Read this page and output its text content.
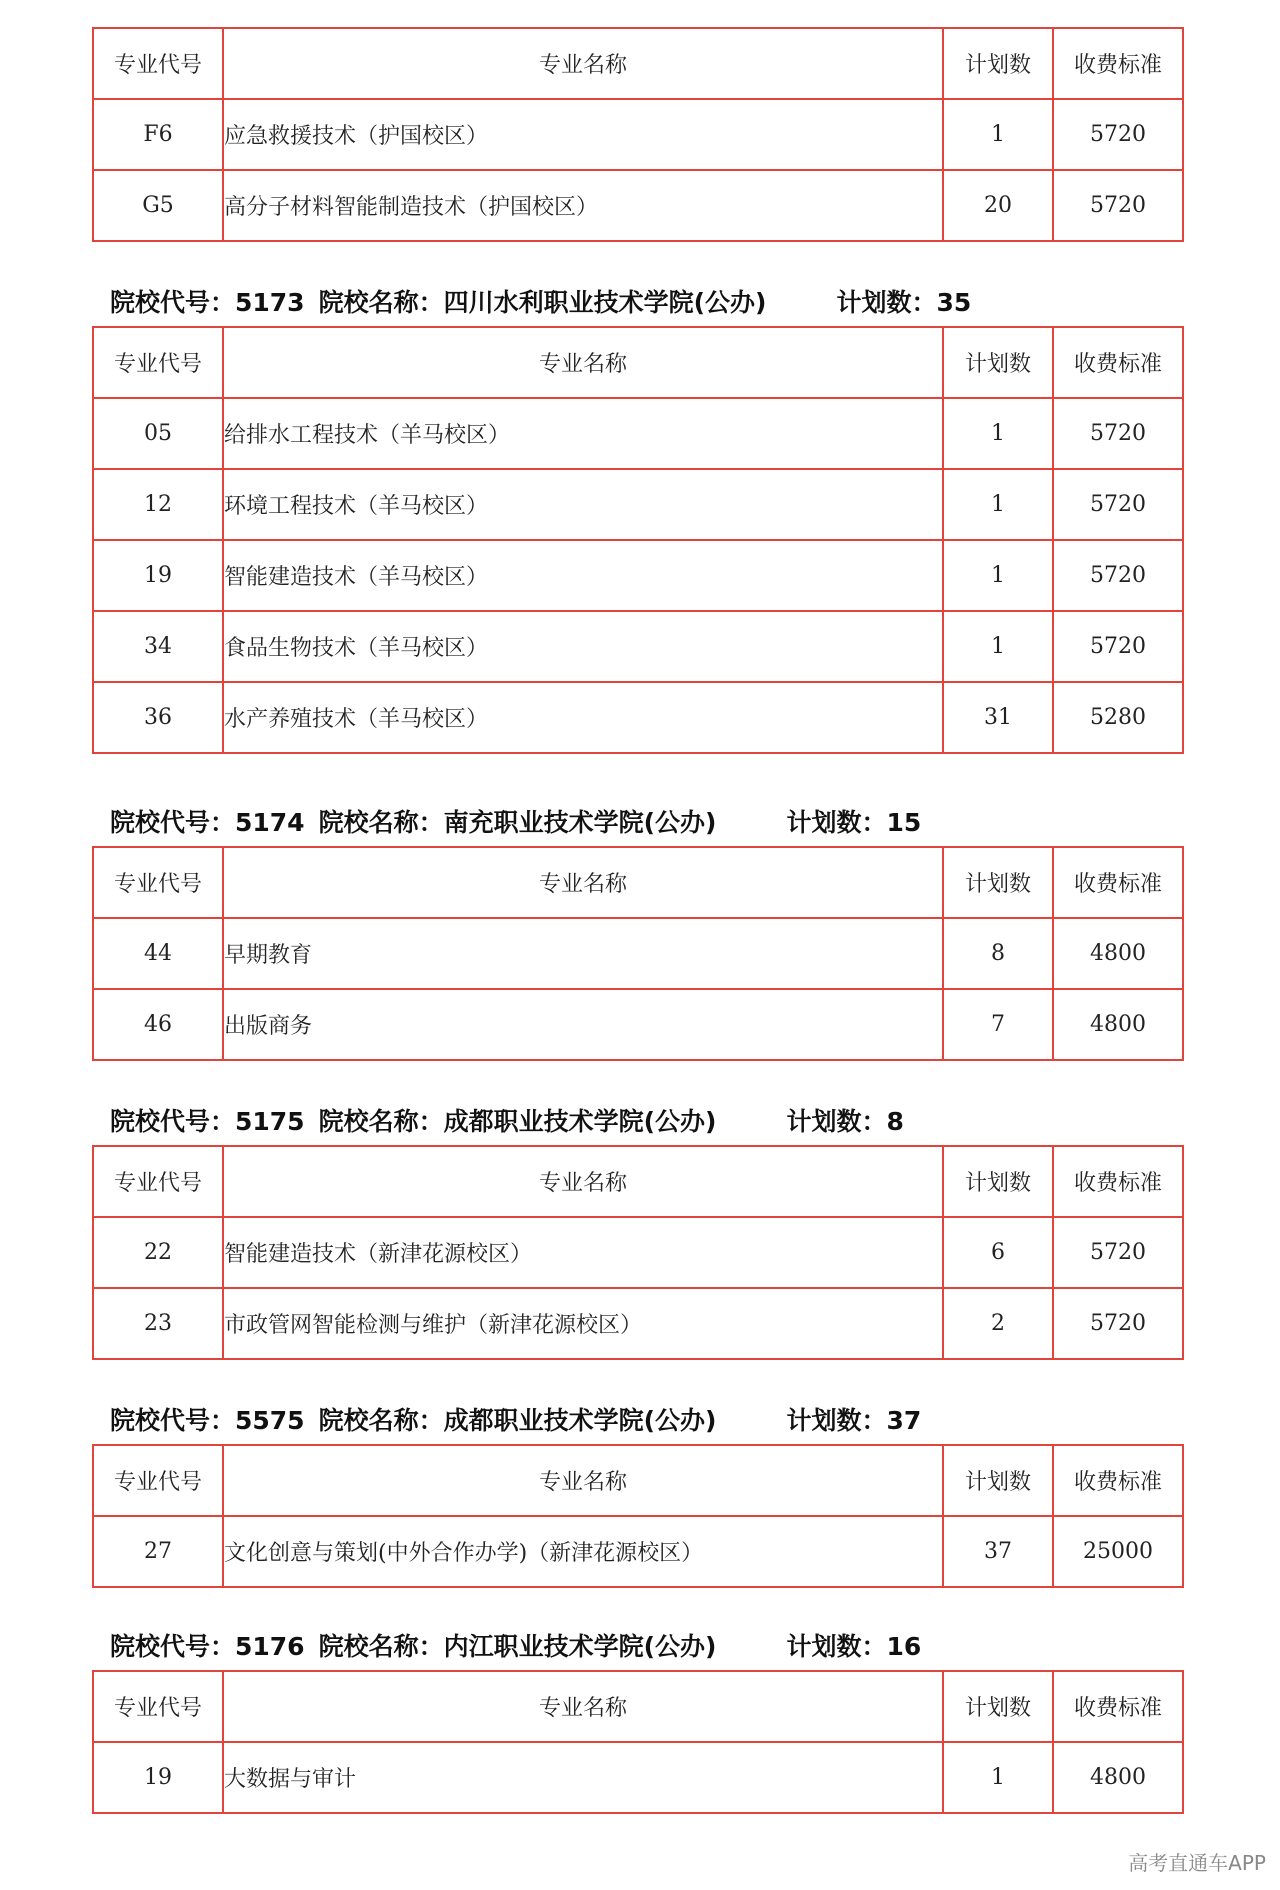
专业代号	专业名称	计划数	收费标准
F6	应急救援技术（护国校区）	1	5720
G5	高分子材料智能制造技术（护国校区）	20	5720
院校代号：5173 院校名称：四川水利职业技术学院(公办)	计划数：35
专业代号	专业名称	计划数	收费标准
05	给排水工程技术（羊马校区）	1	5720
12	环境工程技术（羊马校区）	1	5720
19	智能建造技术（羊马校区）	1	5720
34	食品生物技术（羊马校区）	1	5720
36	水产养殖技术（羊马校区）	31	5280
院校代号：5174 院校名称：南充职业技术学院(公办)	计划数：15
专业代号	专业名称	计划数	收费标准
44	早期教育	8	4800
46	出版商务	7	4800
院校代号：5175 院校名称：成都职业技术学院(公办)	计划数：8
专业代号	专业名称	计划数	收费标准
22	智能建造技术（新津花源校区）	6	5720
23	市政管网智能检测与维护（新津花源校区）	2	5720
院校代号：5575 院校名称：成都职业技术学院(公办)	计划数：37
专业代号	专业名称	计划数	收费标准
27	文化创意与策划(中外合作办学)（新津花源校区）	37	25000
院校代号：5176 院校名称：内江职业技术学院(公办)	计划数：16
专业代号	专业名称	计划数	收费标准
19	大数据与审计	1	4800
高考直通车APP
